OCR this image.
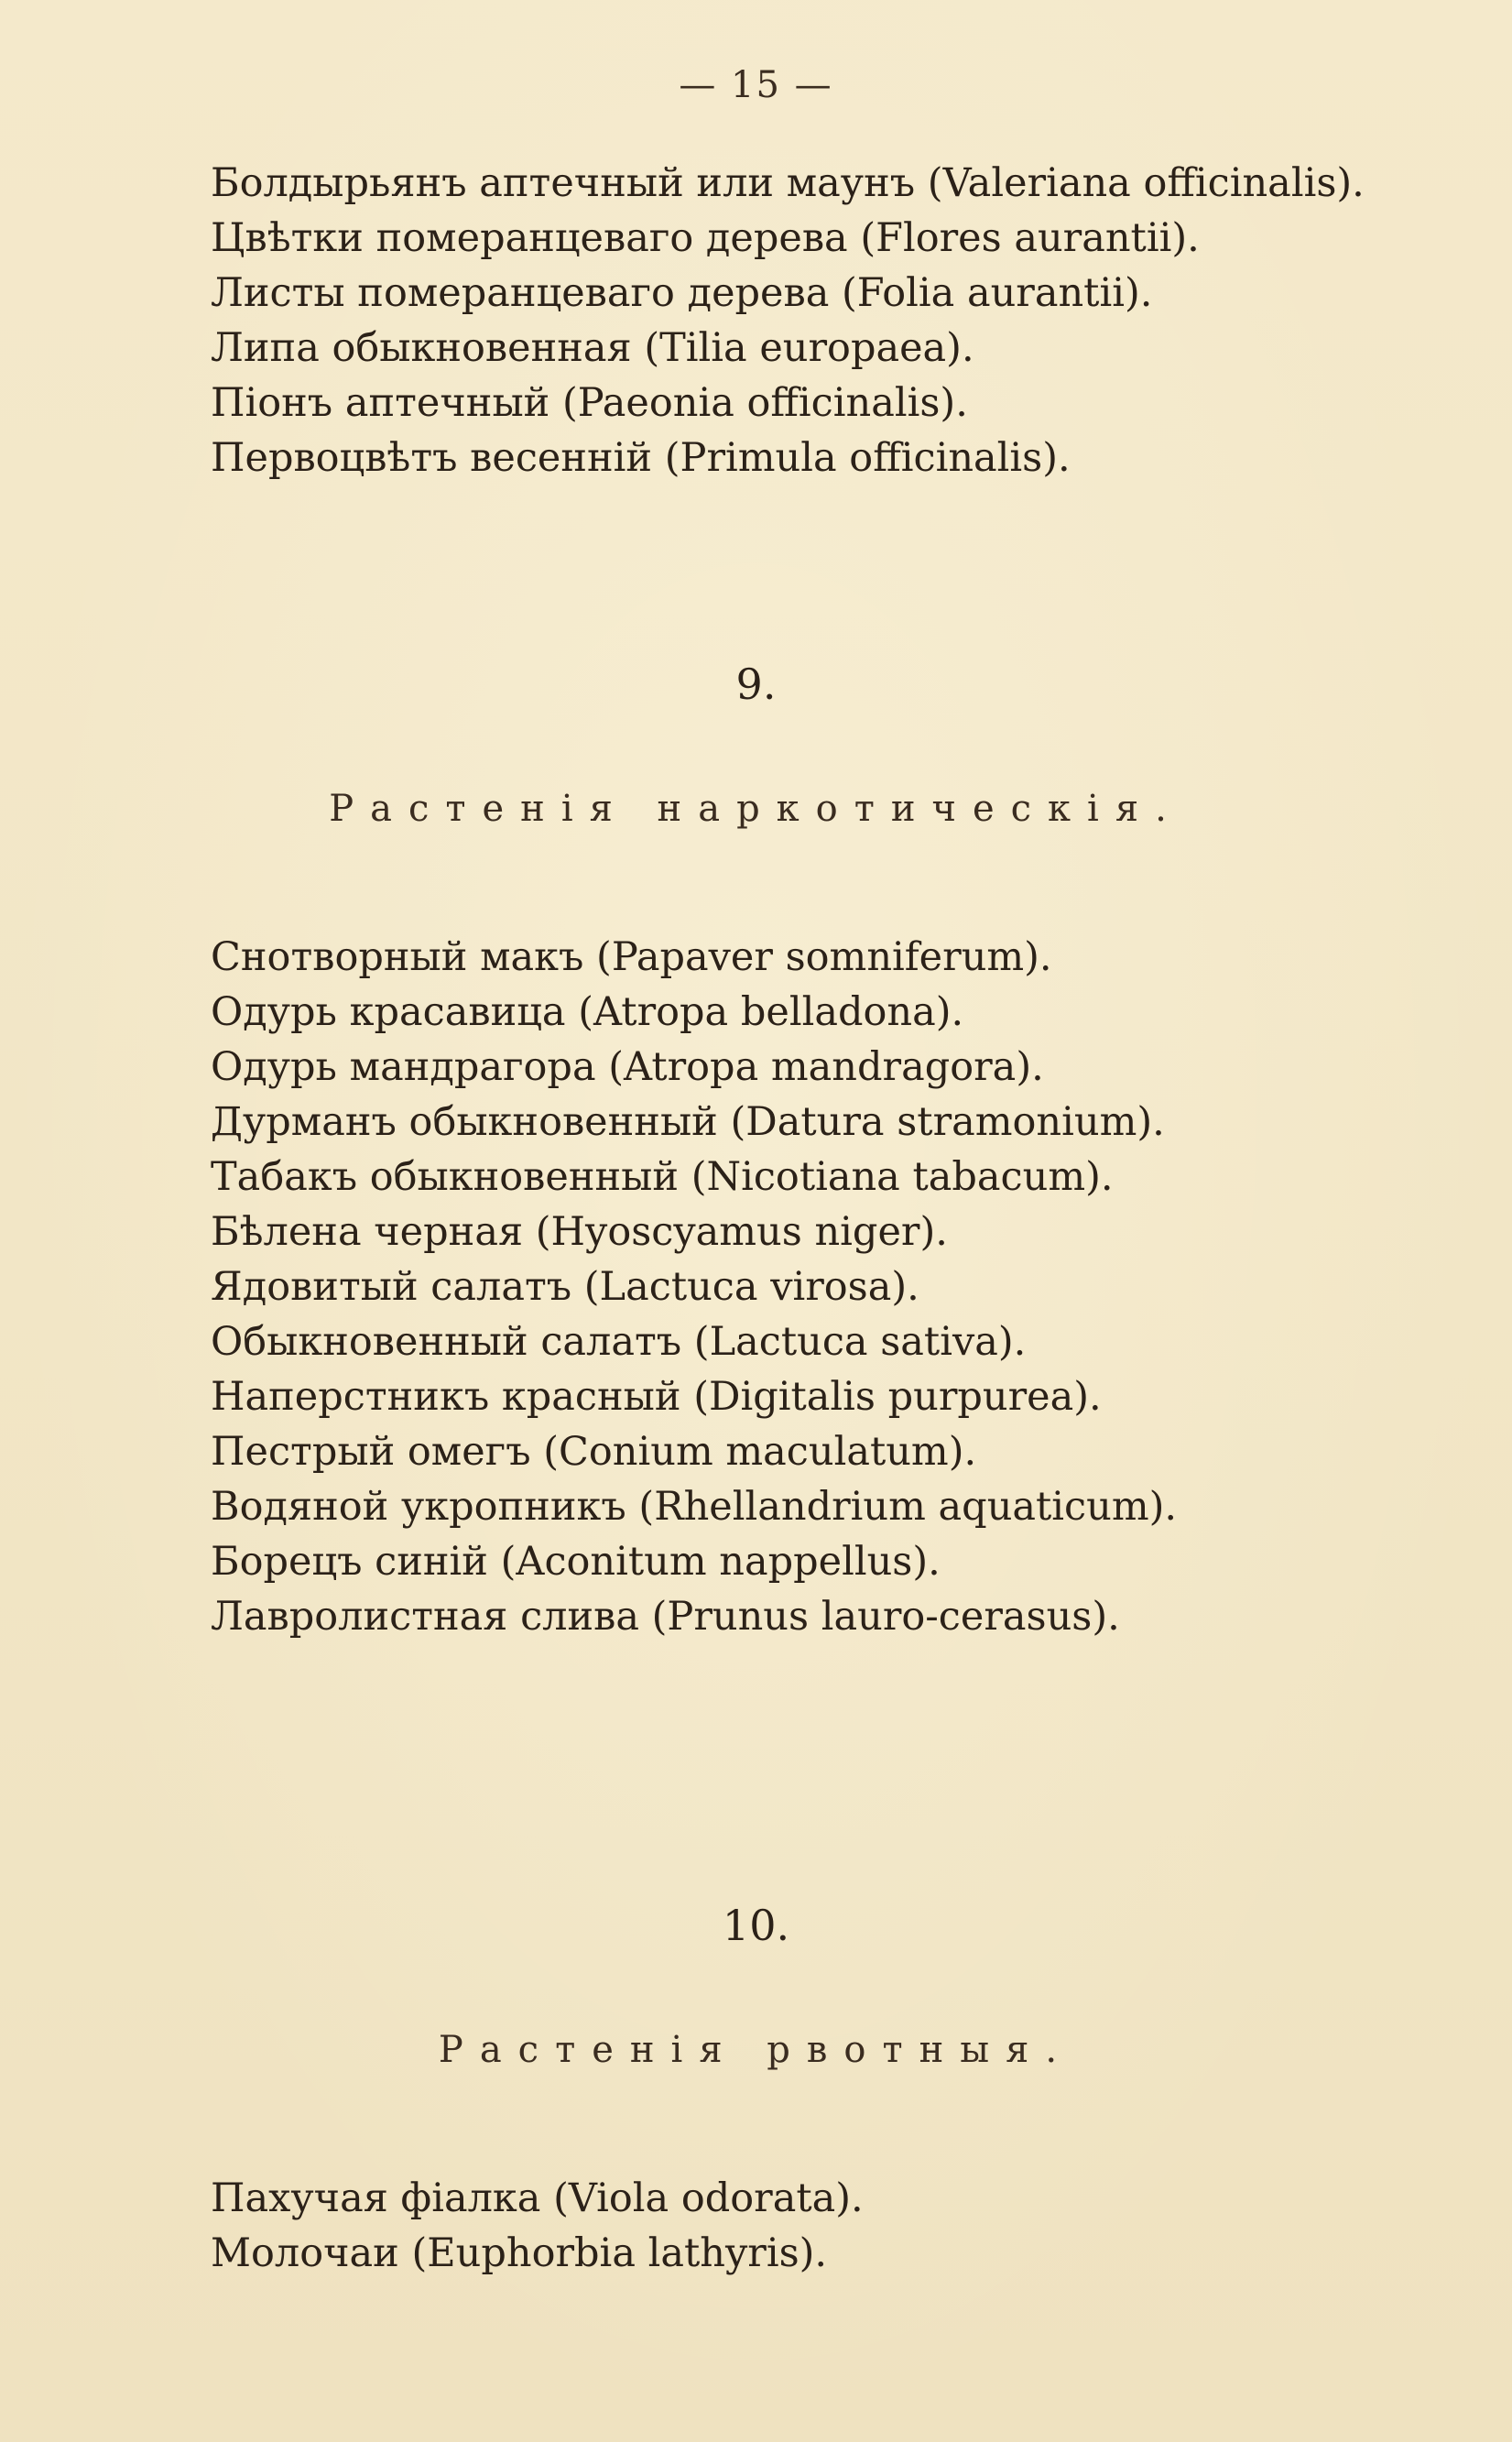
— 15 —
Болдырьянъ аптечный или маунъ (Valeriana officinalis).
Цвѣтки померанцеваго дерева (Flores aurantii).
Листы померанцеваго дерева (Folia aurantii).
Липа обыкновенная (Tilia europaea).
Піонъ аптечный (Paeonia officinalis).
Первоцвѣтъ весенній (Primula officinalis).
9.
Растенія наркотическія.
Снотворный макъ (Papaver somniferum).
Одурь красавица (Atropa belladona).
Одурь мандрагора (Atropa mandragora).
Дурманъ обыкновенный (Datura stramonium).
Табакъ обыкновенный (Nicotiana tabacum).
Бѣлена черная (Hyoscyamus niger).
Ядовитый салатъ (Lactuca virosa).
Обыкновенный салатъ (Lactuca sativa).
Наперстникъ красный (Digitalis purpurea).
Пестрый омегъ (Conium maculatum).
Водяной укропникъ (Rhellandrium aquaticum).
Борецъ синій (Aconitum nappellus).
Лавролистная слива (Prunus lauro-cerasus).
10.
Растенія рвотныя.
Пахучая фіалка (Viola odorata).
Молочаи (Euphorbia lathyris).
